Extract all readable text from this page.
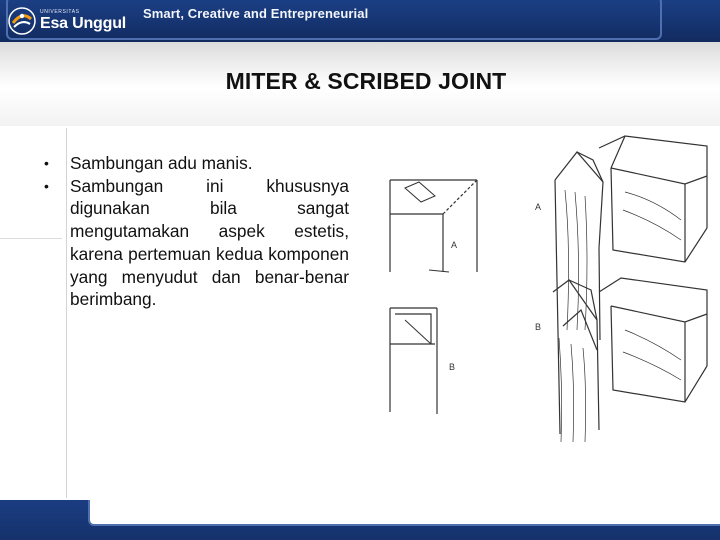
UNIVERSITAS
Esa Unggul
Smart, Creative and Entrepreneurial
MITER & SCRIBED JOINT
• Sambungan adu manis.
• Sambungan ini khususnya digunakan bila sangat mengutamakan aspek estetis, karena pertemuan kedua komponen yang menyudut dan benar-benar berimbang.
A
A
B
B
